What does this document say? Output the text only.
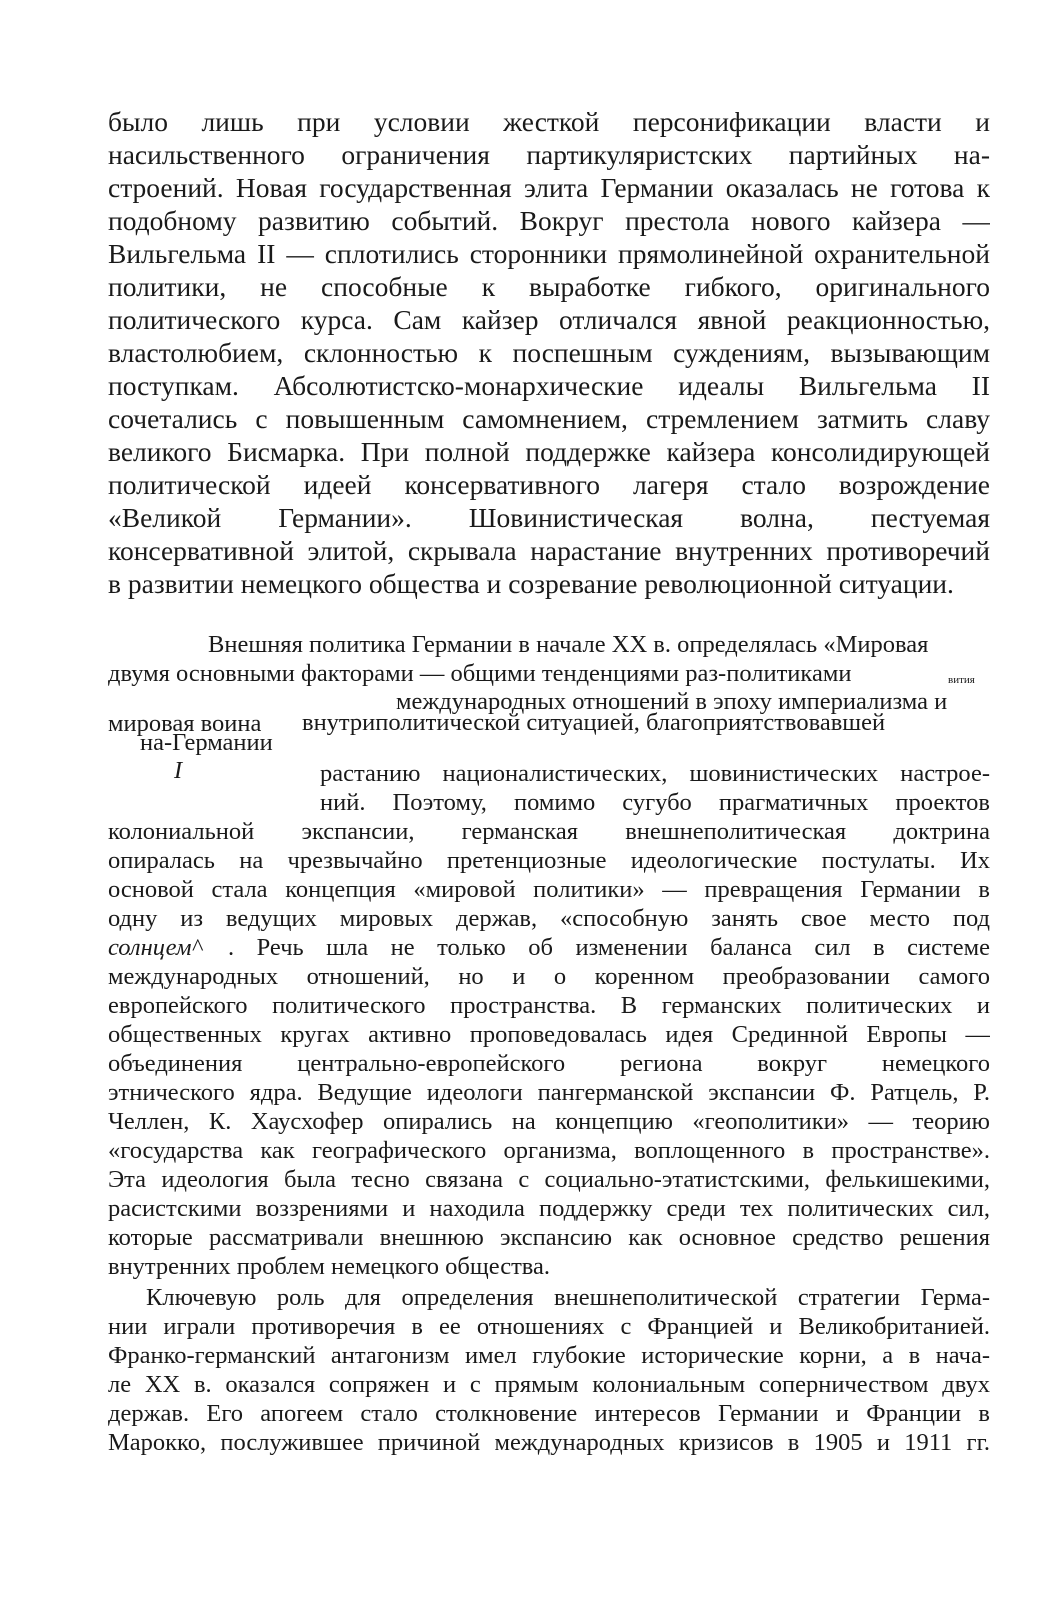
было лишь при условии жесткой персонификации власти и
насильственного ограничения партикуляристских партийных на-
строений. Новая государственная элита Германии оказалась не готова к
подобному развитию событий. Вокруг престола нового кайзера —
Вильгельма II — сплотились сторонники прямолинейной охранительной
политики, не способные к выработке гибкого, оригинального
политического курса. Сам кайзер отличался явной реакционностью,
властолюбием, склонностью к поспешным суждениям, вызывающим
поступкам. Абсолютистско-монархические идеалы Вильгельма II
сочетались с повышенным самомнением, стремлением затмить славу
великого Бисмарка. При полной поддержке кайзера консолидирующей
политической идеей консервативного лагеря стало возрождение
«Великой Германии». Шовинистическая волна, пестуемая
консервативной элитой, скрывала нарастание внутренних противоречий
в развитии немецкого общества и созревание революционной ситуации.
Внешняя политика Германии в начале XX в. определялась «Мировая
двумя основными факторами — общими тенденциями раз-политиками	вития
международных отношений в эпоху империализма и
мировая воина внутриполитической ситуацией, благоприятствовавшей
на-Германии
I	растанию националистических, шовинистических настрое-
ний. Поэтому, помимо сугубо прагматичных проектов
колониальной экспансии, германская внешнеполитическая доктрина
опиралась на чрезвычайно претенциозные идеологические постулаты. Их
основой стала концепция «мировой политики» — превращения Германии в
одну из ведущих мировых держав, «способную занять свое место под
солнцем^ . Речь шла не только об изменении баланса сил в системе
международных отношений, но и о коренном преобразовании самого
европейского политического пространства. В германских политических и
общественных кругах активно проповедовалась идея Срединной Европы —
объединения центрально-европейского региона вокруг немецкого
этнического ядра. Ведущие идеологи пангерманской экспансии Ф. Ратцель, Р.
Челлен, К. Хаусхофер опирались на концепцию «геополитики» — теорию
«государства как географического организма, воплощенного в пространстве».
Эта идеология была тесно связана с социально-этатистскими, фелькишекими,
расистскими воззрениями и находила поддержку среди тех политических сил,
которые рассматривали внешнюю экспансию как основное средство решения
внутренних проблем немецкого общества.
Ключевую роль для определения внешнеполитической стратегии Герма-
нии играли противоречия в ее отношениях с Францией и Великобританией.
Франко-германский антагонизм имел глубокие исторические корни, а в нача-
ле XX в. оказался сопряжен и с прямым колониальным соперничеством двух
держав. Его апогеем стало столкновение интересов Германии и Франции в
Марокко, послужившее причиной международных кризисов в 1905 и 1911 гг.
